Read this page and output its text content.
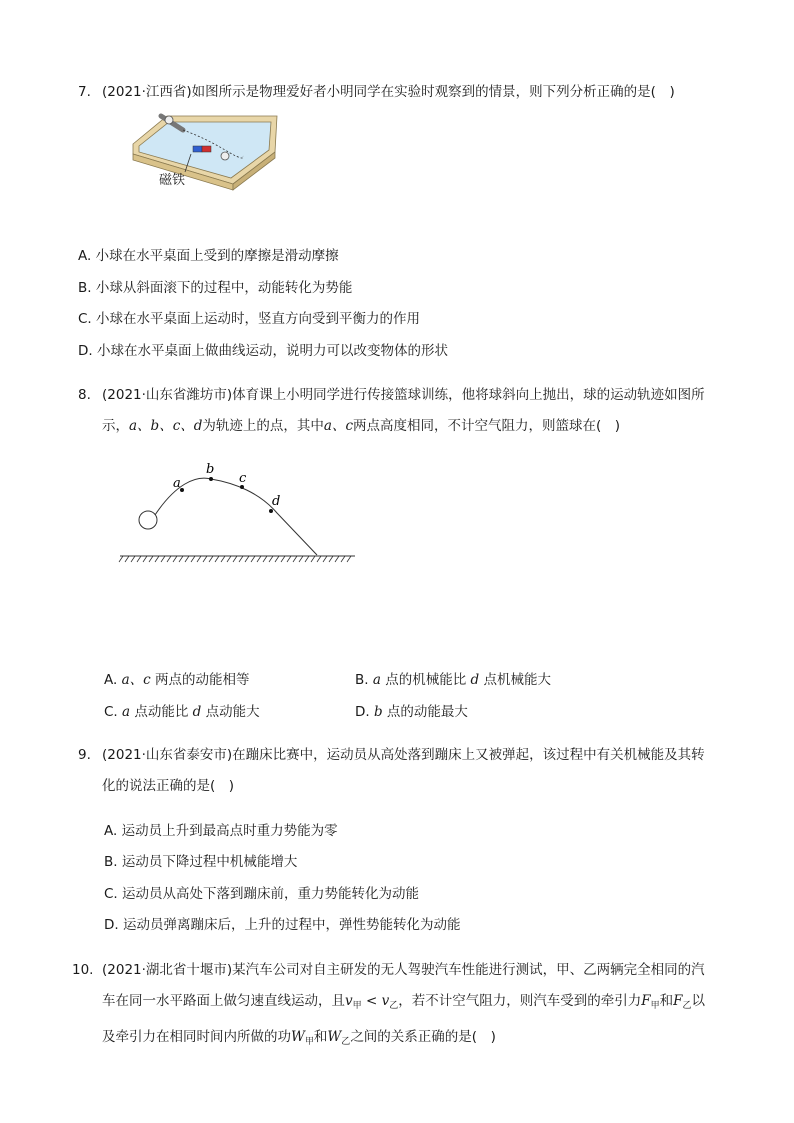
7. (2021·江西省)如图所示是物理爱好者小明同学在实验时观察到的情景，则下列分析正确的是(　)
磁铁
A. 小球在水平桌面上受到的摩擦是滑动摩擦
B. 小球从斜面滚下的过程中，动能转化为势能
C. 小球在水平桌面上运动时，竖直方向受到平衡力的作用
D. 小球在水平桌面上做曲线运动，说明力可以改变物体的形状
8. (2021·山东省潍坊市)体育课上小明同学进行传接篮球训练，他将球斜向上抛出，球的运动轨迹如图所
示，a、b、c、d为轨迹上的点，其中a、c两点高度相同，不计空气阻力，则篮球在(　)
a
b
c
d
A. a、c 两点的动能相等	B. a 点的机械能比 d 点机械能大
C. a 点动能比 d 点动能大	D. b 点的动能最大
9. (2021·山东省泰安市)在蹦床比赛中，运动员从高处落到蹦床上又被弹起，该过程中有关机械能及其转
化的说法正确的是(　)
A. 运动员上升到最高点时重力势能为零
B. 运动员下降过程中机械能增大
C. 运动员从高处下落到蹦床前，重力势能转化为动能
D. 运动员弹离蹦床后，上升的过程中，弹性势能转化为动能
10. (2021·湖北省十堰市)某汽车公司对自主研发的无人驾驶汽车性能进行测试，甲、乙两辆完全相同的汽
车在同一水平路面上做匀速直线运动，且$v_甲 < v_乙$，若不计空气阻力，则汽车受到的牵引力$F_甲$和$F_乙$以
及牵引力在相同时间内所做的功$W_甲$和$W_乙$之间的关系正确的是(　)
